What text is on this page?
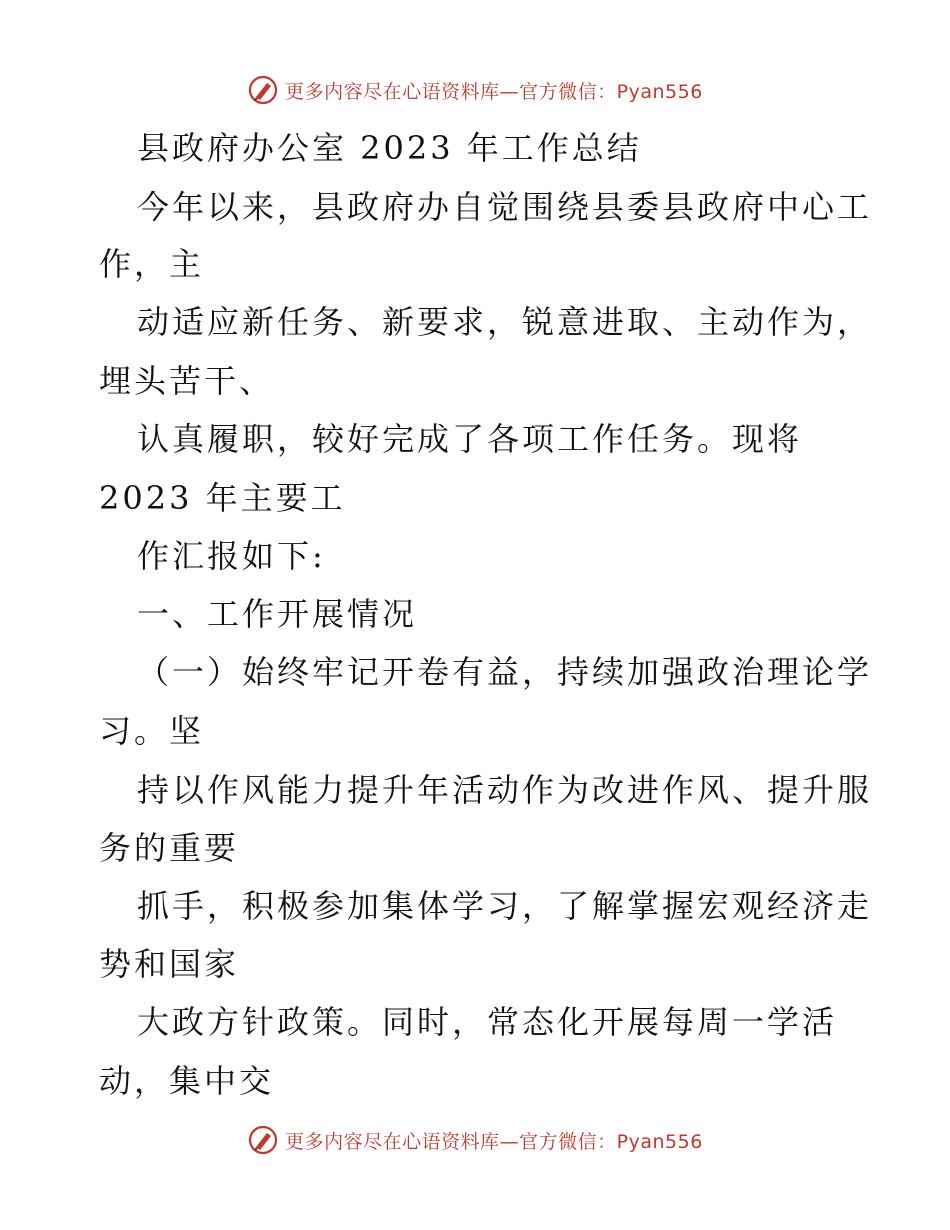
更多内容尽在心语资料库—官方微信：Pyan556
县政府办公室 2023 年工作总结
今年以来，县政府办自觉围绕县委县政府中心工
作，主
动适应新任务、新要求，锐意进取、主动作为，
埋头苦干、
认真履职，较好完成了各项工作任务。现将
2023 年主要工
作汇报如下:
一、工作开展情况
（一）始终牢记开卷有益，持续加强政治理论学
习。坚
持以作风能力提升年活动作为改进作风、提升服
务的重要
抓手，积极参加集体学习，了解掌握宏观经济走
势和国家
大政方针政策。同时，常态化开展每周一学活
动，集中交
更多内容尽在心语资料库—官方微信：Pyan556
